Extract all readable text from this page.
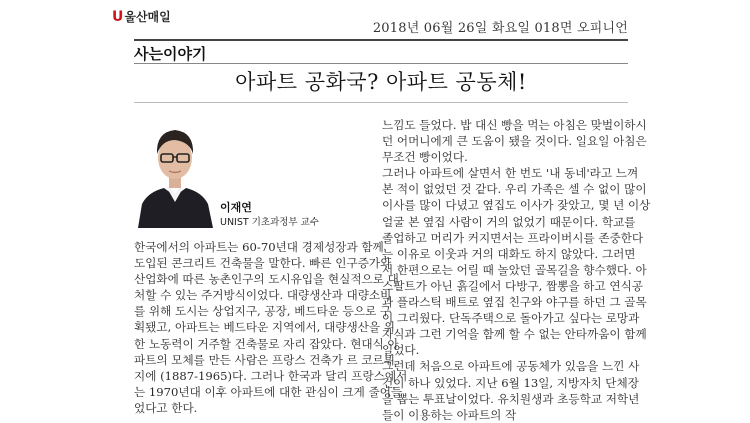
U 울산매일
2018년 06월 26일 화요일 018면 오피니언
사는이야기
아파트 공화국? 아파트 공동체!
이재연
UNIST 기초과정부 교수
한국에서의 아파트는 60-70년대 경제성장과 함께
도입된 콘크리트 건축물을 말한다. 빠른 인구증가와
산업화에 따른 농촌인구의 도시유입을 현실적으로 대
처할 수 있는 주거방식이었다. 대량생산과 대량소비
를 위해 도시는 상업지구, 공장, 베드타운 등으로 구
획됐고, 아파트는 베드타운 지역에서, 대량생산을 위
한 노동력이 거주할 건축물로 자리 잡았다. 현대식 아
파트의 모체를 만든 사람은 프랑스 건축가 르 코르뷔
지에 (1887-1965)다. 그러나 한국과 달리 프랑스에서
는 1970년대 이후 아파트에 대한 관심이 크게 줄어들
었다고 한다.
느낌도 들었다. 밥 대신 빵을 먹는 아침은 맞벌이하시
던 어머니에게 큰 도움이 됐을 것이다. 일요일 아침은
무조건 빵이었다.
그러나 아파트에 살면서 한 번도 '내 동네'라고 느껴
본 적이 없었던 것 같다. 우리 가족은 셀 수 없이 많이
이사를 많이 다녔고 옆집도 이사가 잦았고, 몇 년 이상
얼굴 본 옆집 사람이 거의 없었기 때문이다. 학교를
졸업하고 머리가 커지면서는 프라이버시를 존중한다
는 이유로 이웃과 거의 대화도 하지 않았다. 그러면
서 한편으로는 어릴 때 놀았던 골목길을 향수했다. 아
스팔트가 아닌 흙길에서 다방구, 짬뽕을 하고 연식공
과 플라스틱 배트로 옆집 친구와 야구를 하던 그 골목
이 그리웠다. 단독주택으로 돌아가고 싶다는 로망과
자식과 그런 기억을 함께 할 수 없는 안타까움이 함께
일었다.
그런데 처음으로 아파트에 공동체가 있음을 느낀 사
건이 하나 있었다. 지난 6월 13일, 지방자치 단체장
을 뽑는 투표날이었다. 유치원생과 초등학교 저학년
들이 이용하는 아파트의 작
